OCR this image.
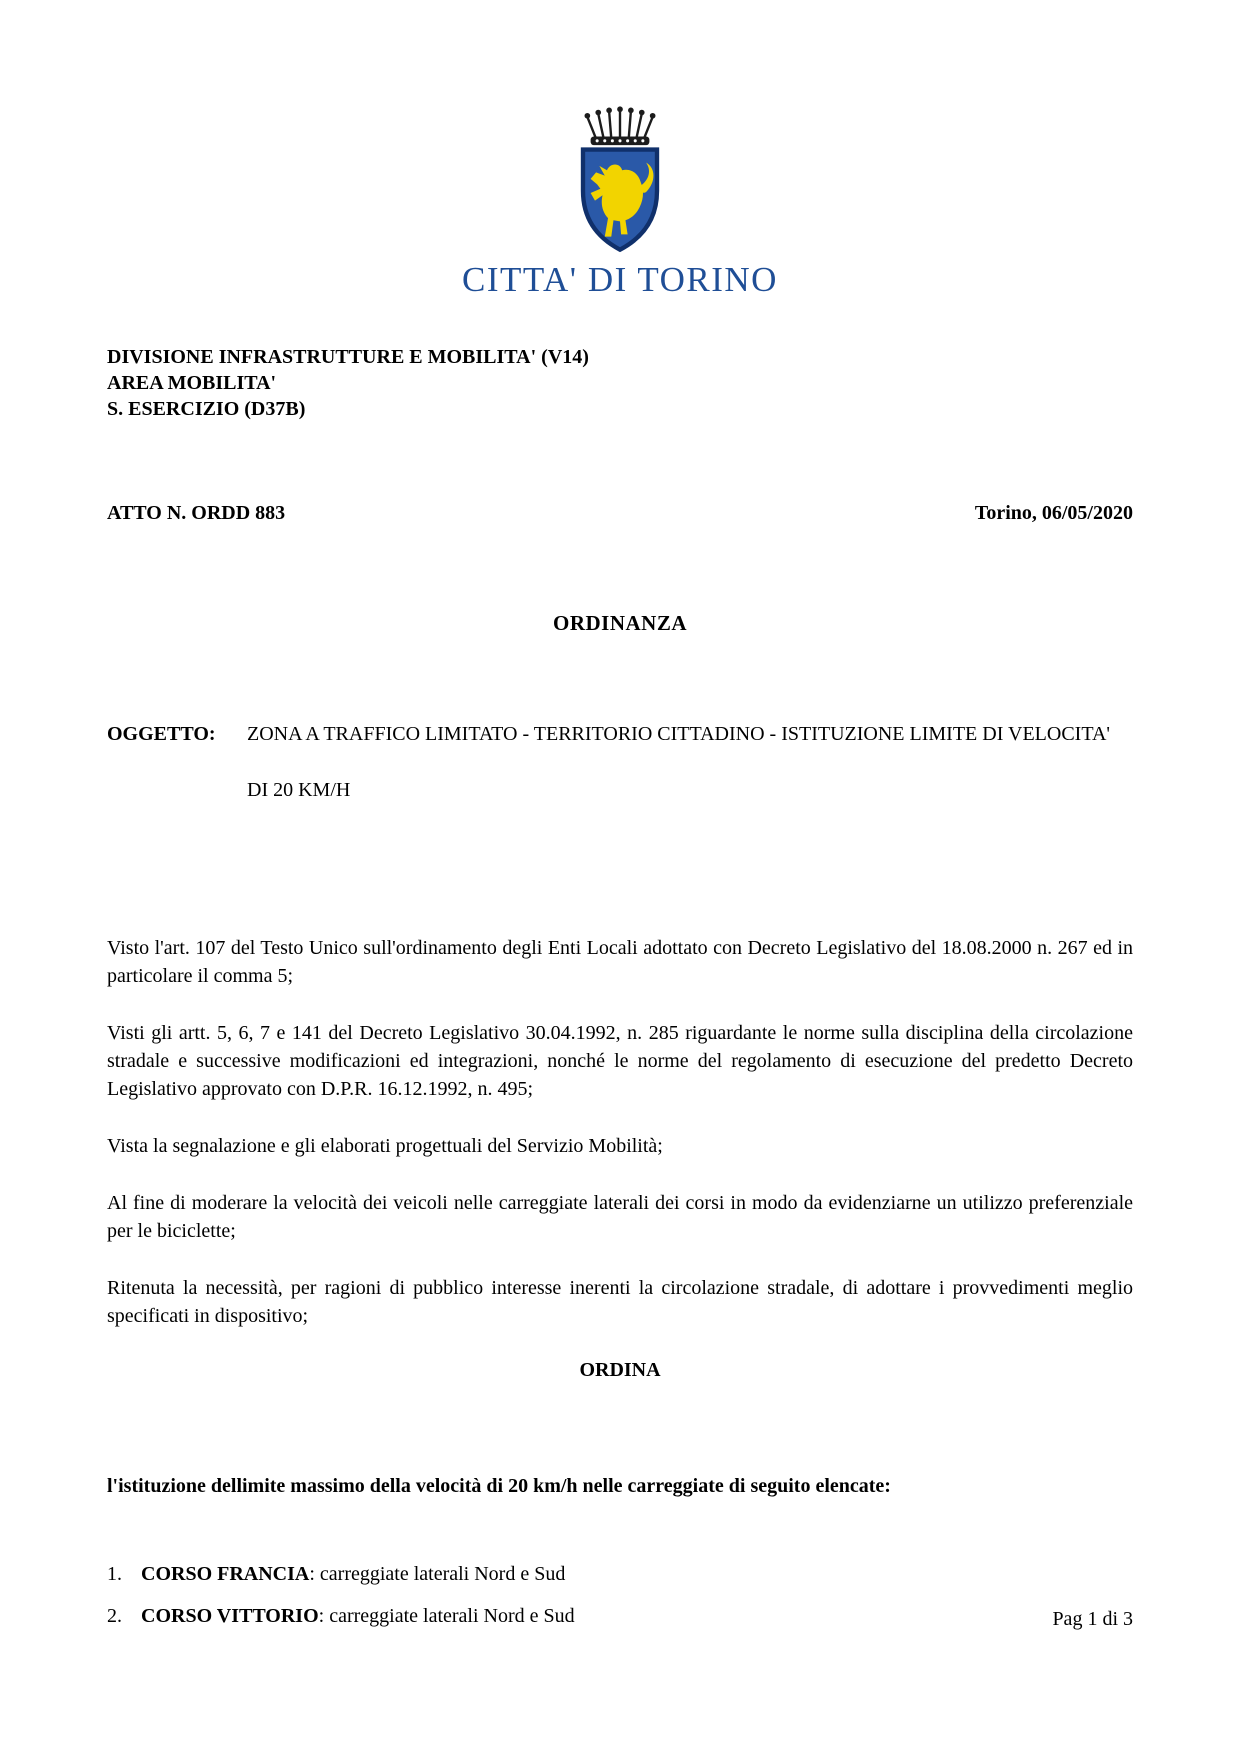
CITTA' DI TORINO
DIVISIONE INFRASTRUTTURE E MOBILITA' (V14)
AREA MOBILITA'
S. ESERCIZIO (D37B)
ATTO N. ORDD 883	Torino, 06/05/2020
ORDINANZA
OGGETTO:	ZONA A TRAFFICO LIMITATO - TERRITORIO CITTADINO - ISTITUZIONE LIMITE DI VELOCITA' DI 20 KM/H

Visto l'art. 107 del Testo Unico sull'ordinamento degli Enti Locali adottato con Decreto Legislativo del 18.08.2000 n. 267 ed in particolare il comma 5;

Visti gli artt. 5, 6, 7 e 141 del Decreto Legislativo 30.04.1992, n. 285 riguardante le norme sulla disciplina della circolazione stradale e successive modificazioni ed integrazioni, nonché le norme del regolamento di esecuzione del predetto Decreto Legislativo approvato con D.P.R. 16.12.1992, n. 495;

Vista la segnalazione e gli elaborati progettuali del Servizio Mobilità;

Al fine di moderare la velocità dei veicoli nelle carreggiate laterali dei corsi in modo da evidenziarne un utilizzo preferenziale per le biciclette;

Ritenuta la necessità, per ragioni di pubblico interesse inerenti la circolazione stradale, di adottare i provvedimenti meglio specificati in dispositivo;

ORDINA
l'istituzione dellimite massimo della velocità di 20 km/h nelle carreggiate di seguito elencate:
1. CORSO FRANCIA: carreggiate laterali Nord e Sud
2. CORSO VITTORIO: carreggiate laterali Nord e Sud	Pag 1 di 3
